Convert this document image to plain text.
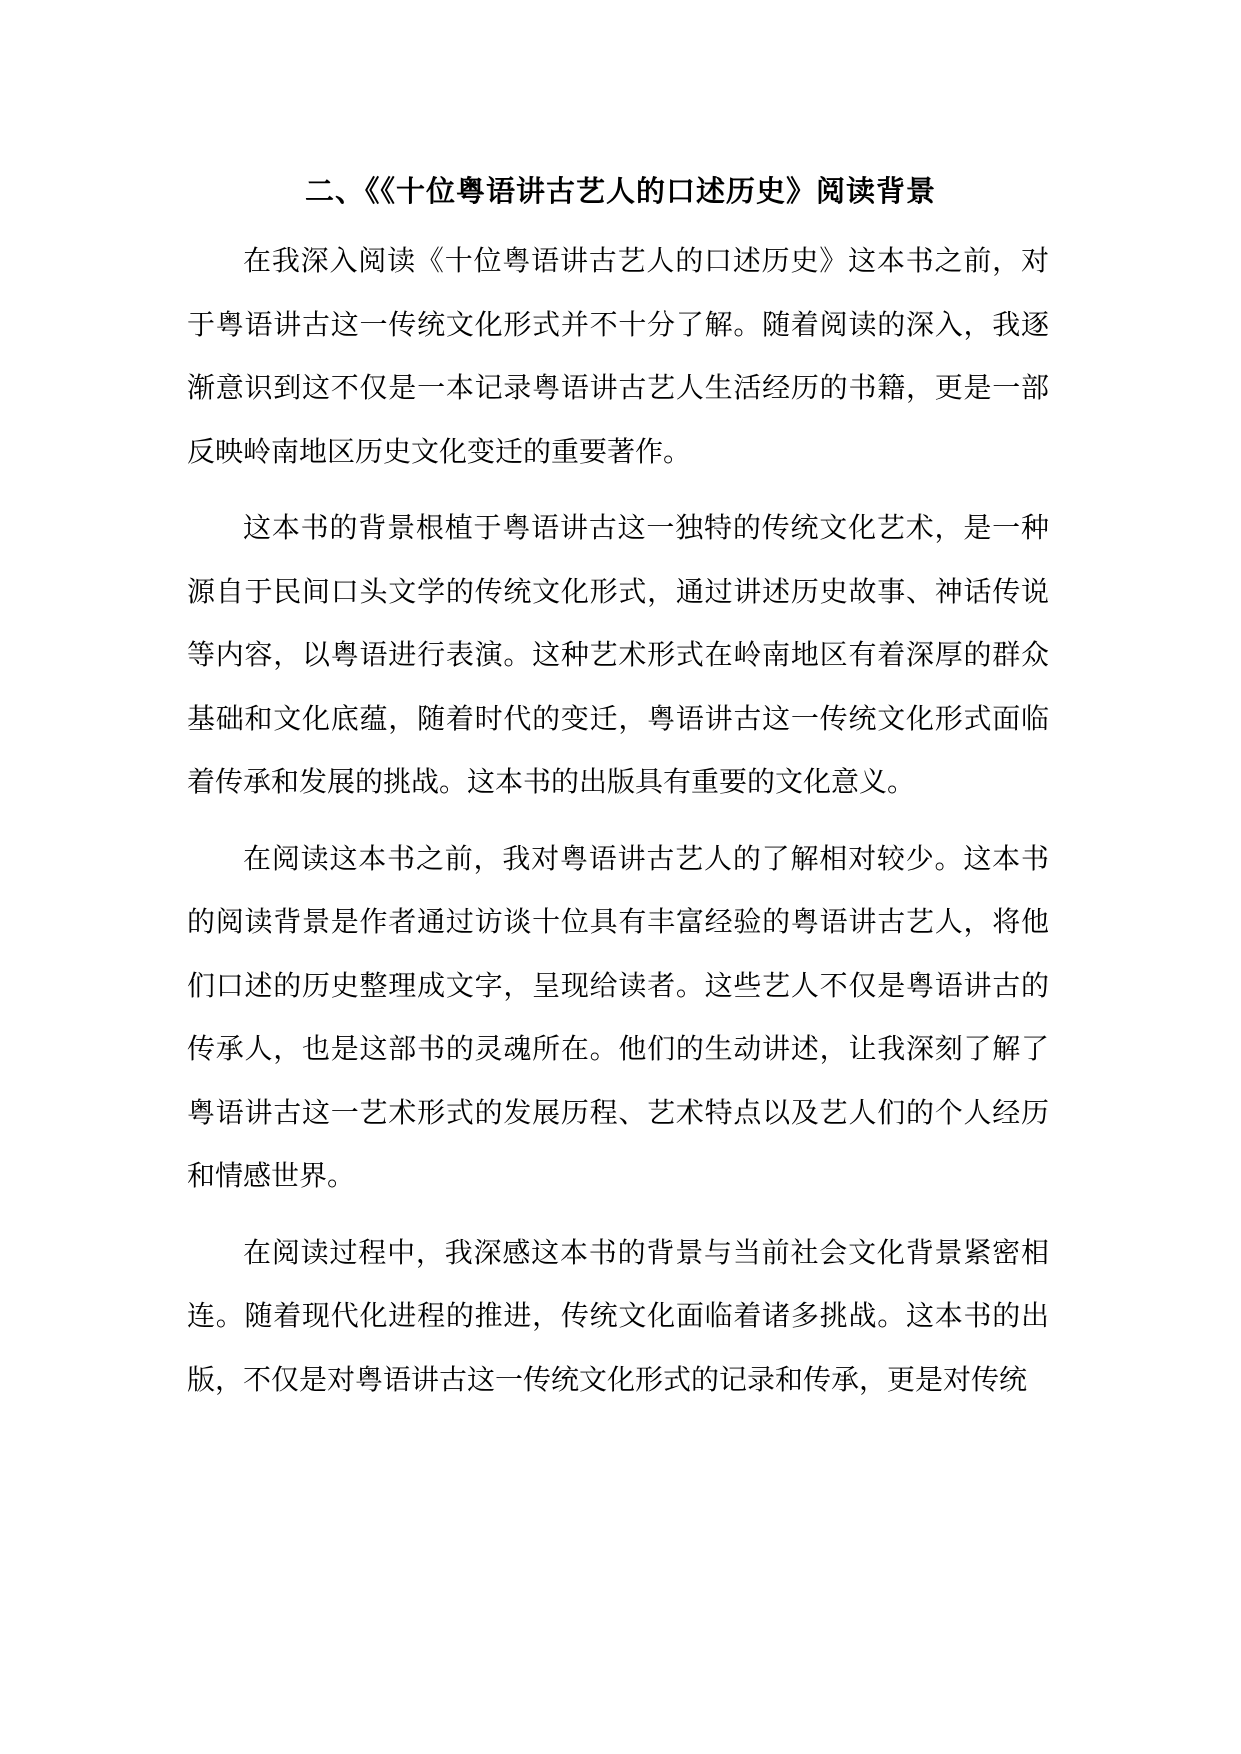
二、《《十位粤语讲古艺人的口述历史》阅读背景

在我深入阅读《十位粤语讲古艺人的口述历史》这本书之前，对于粤语讲古这一传统文化形式并不十分了解。随着阅读的深入，我逐渐意识到这不仅是一本记录粤语讲古艺人生活经历的书籍，更是一部反映岭南地区历史文化变迁的重要著作。

这本书的背景根植于粤语讲古这一独特的传统文化艺术，是一种源自于民间口头文学的传统文化形式，通过讲述历史故事、神话传说等内容，以粤语进行表演。这种艺术形式在岭南地区有着深厚的群众基础和文化底蕴，随着时代的变迁，粤语讲古这一传统文化形式面临着传承和发展的挑战。这本书的出版具有重要的文化意义。

在阅读这本书之前，我对粤语讲古艺人的了解相对较少。这本书的阅读背景是作者通过访谈十位具有丰富经验的粤语讲古艺人，将他们口述的历史整理成文字，呈现给读者。这些艺人不仅是粤语讲古的传承人，也是这部书的灵魂所在。他们的生动讲述，让我深刻了解了粤语讲古这一艺术形式的发展历程、艺术特点以及艺人们的个人经历和情感世界。

在阅读过程中，我深感这本书的背景与当前社会文化背景紧密相连。随着现代化进程的推进，传统文化面临着诸多挑战。这本书的出版，不仅是对粤语讲古这一传统文化形式的记录和传承，更是对传统
